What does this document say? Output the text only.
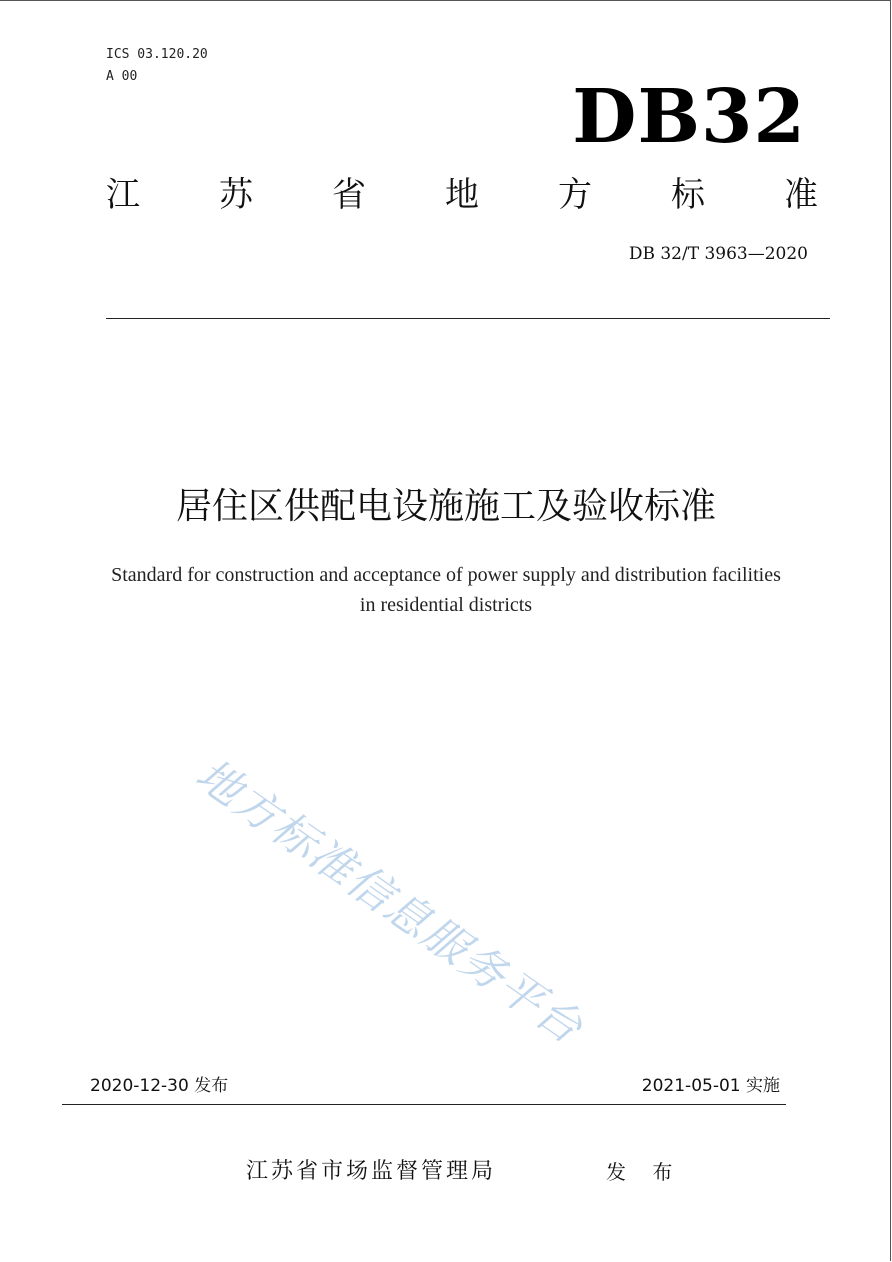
ICS 03.120.20
A 00	DB32
江 苏 省 地 方 标 准
DB 32/T 3963—2020
居住区供配电设施施工及验收标准
Standard for construction and acceptance of power supply and distribution facilities
in residential districts
地方标准信息服务平台
2020-12-30 发布	2021-05-01 实施
江苏省市场监督管理局	发 布
